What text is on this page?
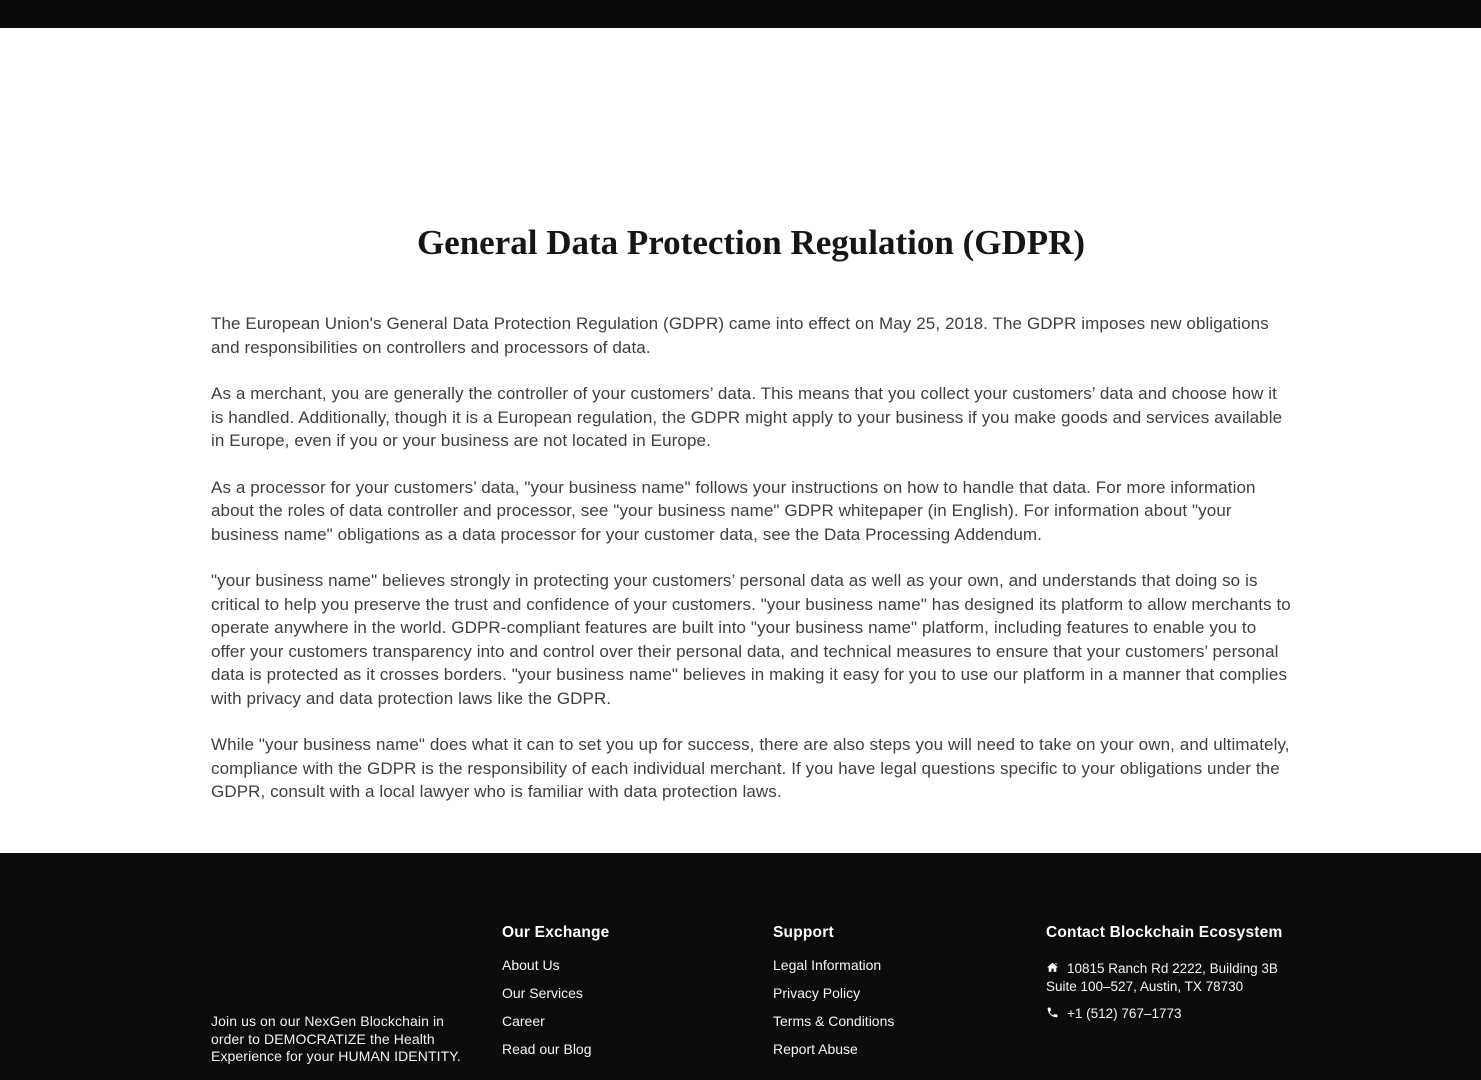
General Data Protection Regulation (GDPR)

The European Union's General Data Protection Regulation (GDPR) came into effect on May 25, 2018. The GDPR imposes new obligations and responsibilities on controllers and processors of data.

As a merchant, you are generally the controller of your customers’ data. This means that you collect your customers’ data and choose how it is handled. Additionally, though it is a European regulation, the GDPR might apply to your business if you make goods and services available in Europe, even if you or your business are not located in Europe.

As a processor for your customers’ data, "your business name" follows your instructions on how to handle that data. For more information about the roles of data controller and processor, see "your business name" GDPR whitepaper (in English). For information about "your business name" obligations as a data processor for your customer data, see the Data Processing Addendum.

"your business name" believes strongly in protecting your customers’ personal data as well as your own, and understands that doing so is critical to help you preserve the trust and confidence of your customers. "your business name" has designed its platform to allow merchants to operate anywhere in the world. GDPR-compliant features are built into "your business name" platform, including features to enable you to offer your customers transparency into and control over their personal data, and technical measures to ensure that your customers’ personal data is protected as it crosses borders. "your business name" believes in making it easy for you to use our platform in a manner that complies with privacy and data protection laws like the GDPR.

While "your business name" does what it can to set you up for success, there are also steps you will need to take on your own, and ultimately, compliance with the GDPR is the responsibility of each individual merchant. If you have legal questions specific to your obligations under the GDPR, consult with a local lawyer who is familiar with data protection laws.

Join us on our NexGen Blockchain in
order to DEMOCRATIZE the Health
Experience for your HUMAN IDENTITY.
Our Exchange
About Us
Our Services
Career
Read our Blog
Support
Legal Information
Privacy Policy
Terms & Conditions
Report Abuse
Contact Blockchain Ecosystem
10815 Ranch Rd 2222, Building 3B
Suite 100–527, Austin, TX 78730
+1 (512) 767–1773
